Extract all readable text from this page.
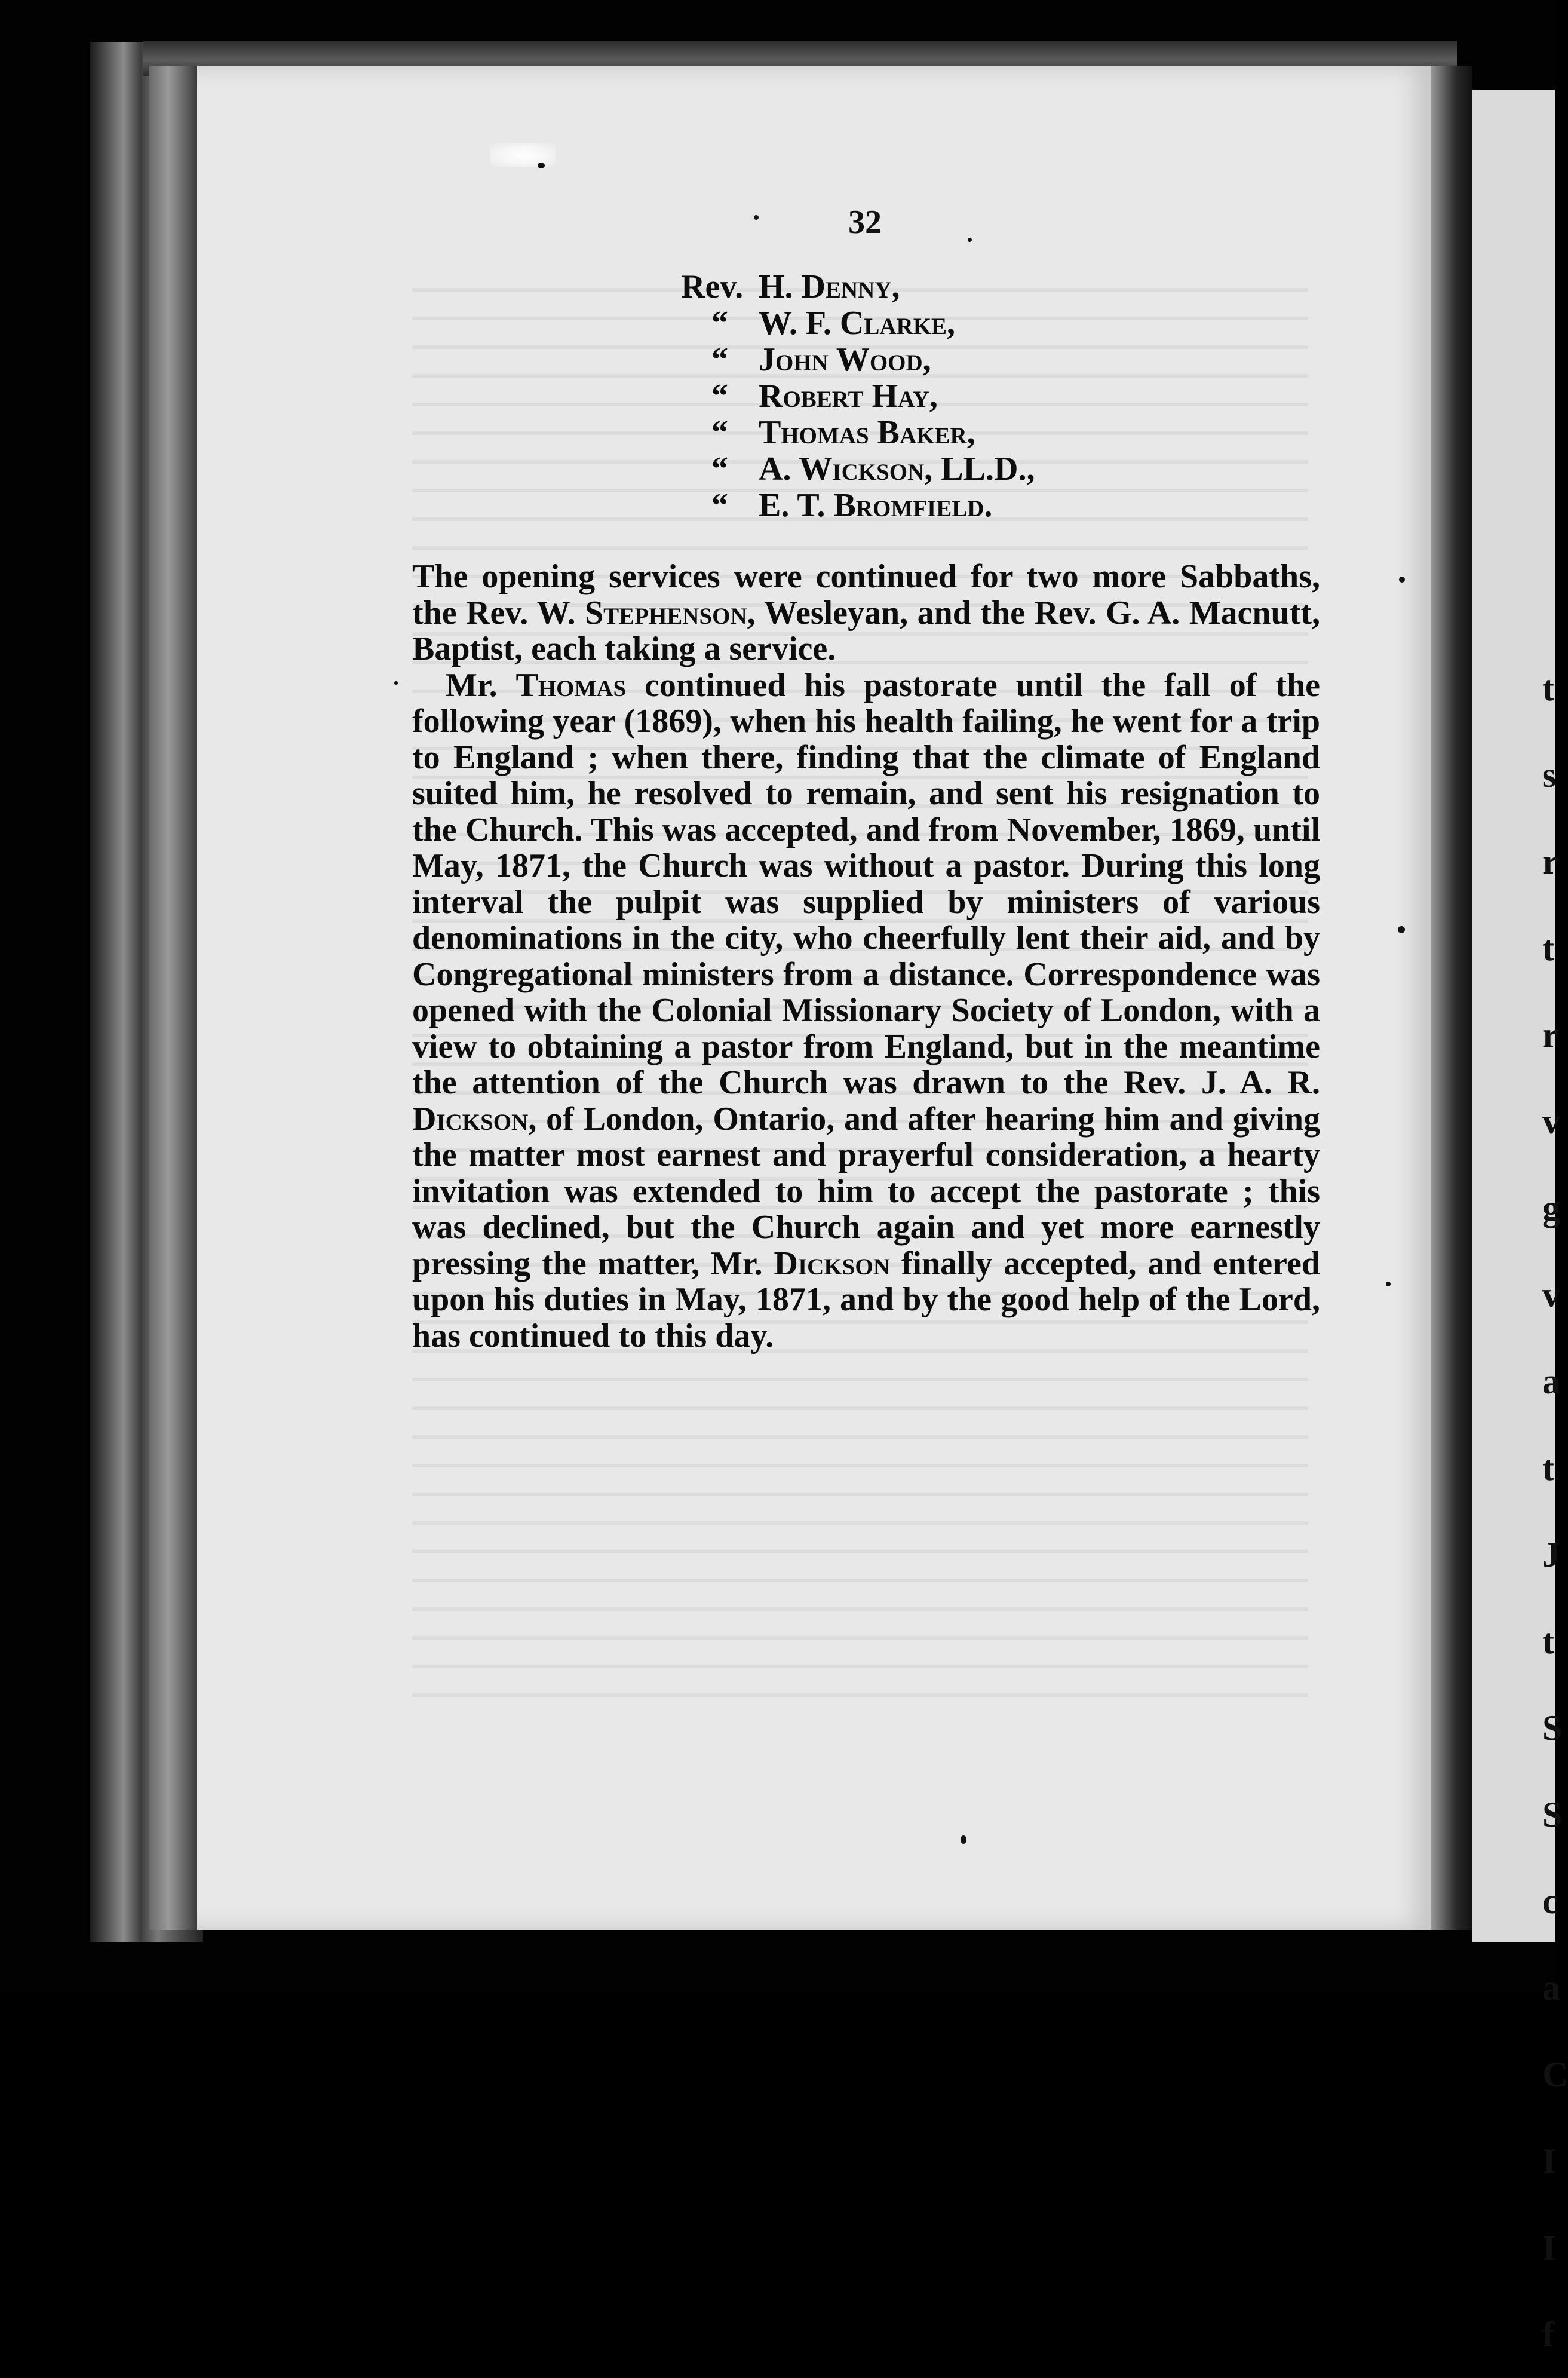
t
s
r
t
r
v
g
v
a
t
J
t
S
S
c
a
C
I
I
f
32
Rev. H. Denny,
“ W. F. Clarke,
“ John Wood,
“ Robert Hay,
“ Thomas Baker,
“ A. Wickson, LL.D.,
“ E. T. Bromfield.

The opening services were continued for two more Sabbaths, the Rev. W. Stephenson, Wesleyan, and the Rev. G. A. Macnutt, Baptist, each taking a service.

Mr. Thomas continued his pastorate until the fall of the following year (1869), when his health failing, he went for a trip to England ; when there, finding that the climate of England suited him, he resolved to remain, and sent his resignation to the Church. This was accepted, and from November, 1869, until May, 1871, the Church was without a pastor. During this long interval the pulpit was supplied by ministers of various denominations in the city, who cheerfully lent their aid, and by Congregational ministers from a distance. Correspondence was opened with the Colonial Missionary Society of London, with a view to obtaining a pastor from England, but in the meantime the attention of the Church was drawn to the Rev. J. A. R. Dickson, of London, Ontario, and after hearing him and giving the matter most earnest and prayerful consideration, a hearty invitation was extended to him to accept the pastorate ; this was declined, but the Church again and yet more earnestly pressing the matter, Mr. Dickson finally accepted, and entered upon his duties in May, 1871, and by the good help of the Lord, has continued to this day.
